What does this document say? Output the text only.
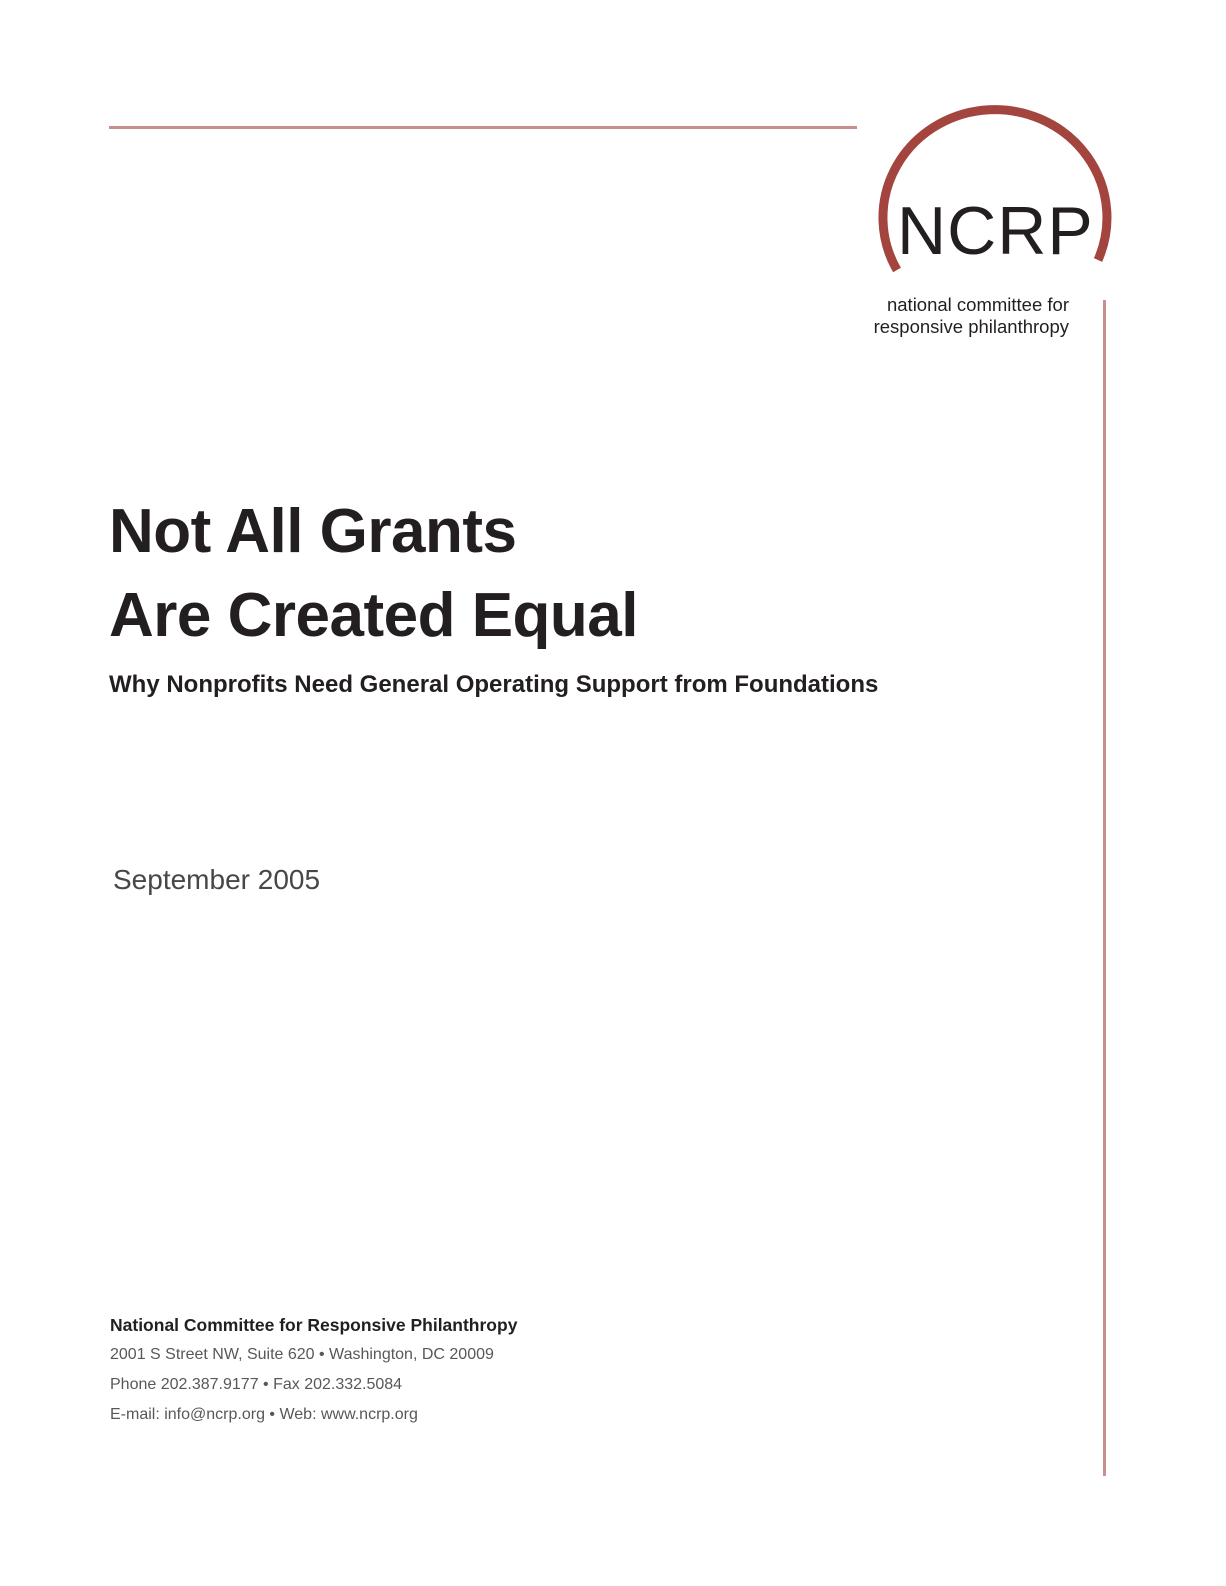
NCRP
national committee for
responsive philanthropy
Not All Grants
Are Created Equal
Why Nonprofits Need General Operating Support from Foundations
September 2005
National Committee for Responsive Philanthropy
2001 S Street NW, Suite 620 • Washington, DC 20009
Phone 202.387.9177 • Fax 202.332.5084
E-mail: info@ncrp.org • Web: www.ncrp.org
